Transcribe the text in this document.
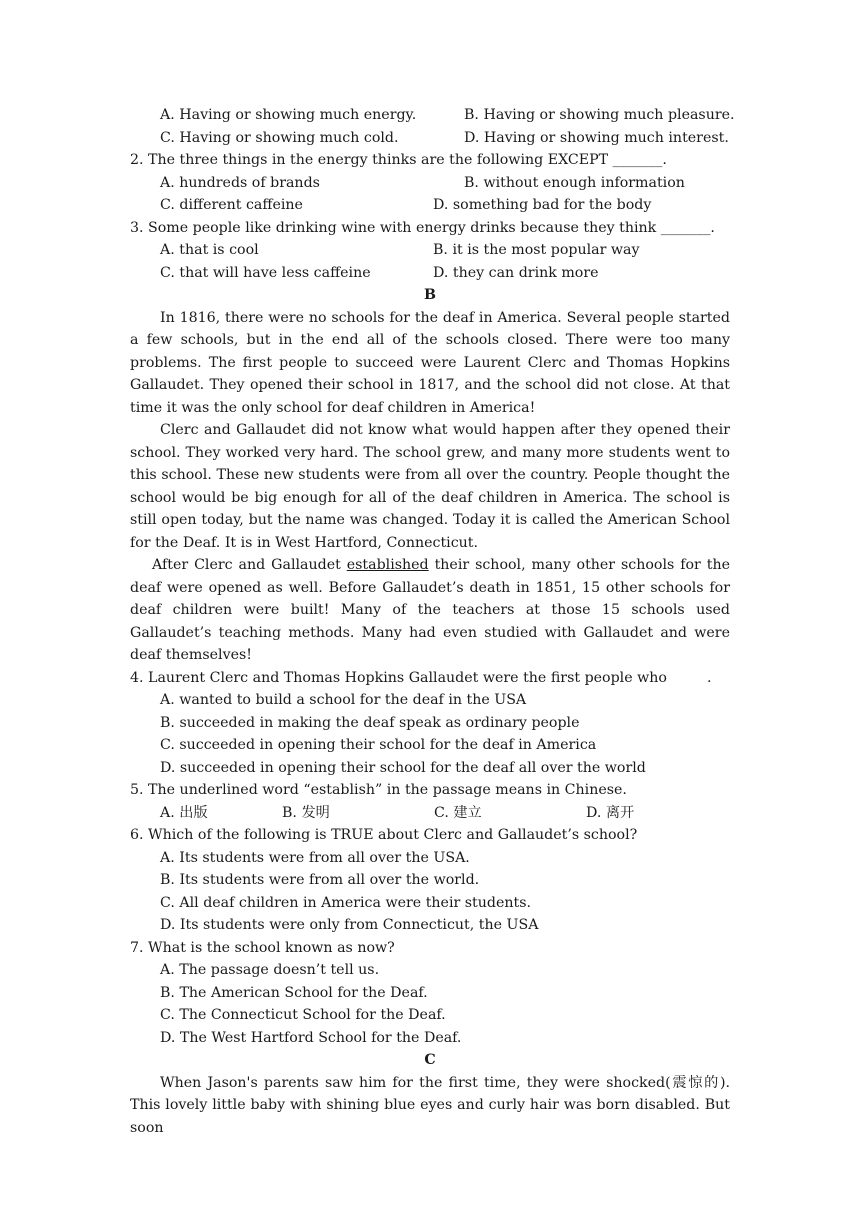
A. Having or showing much energy.	B. Having or showing much pleasure.
C. Having or showing much cold.	D. Having or showing much interest.
2. The three things in the energy thinks are the following EXCEPT _______.
A. hundreds of brands	B. without enough information
C. different caffeine	D. something bad for the body
3. Some people like drinking wine with energy drinks because they think _______.
A. that is cool	B. it is the most popular way
C. that will have less caffeine	D. they can drink more
B
In 1816, there were no schools for the deaf in America. Several people started a few schools, but in the end all of the schools closed. There were too many problems. The first people to succeed were Laurent Clerc and Thomas Hopkins Gallaudet. They opened their school in 1817, and the school did not close. At that time it was the only school for deaf children in America!
Clerc and Gallaudet did not know what would happen after they opened their school. They worked very hard. The school grew, and many more students went to this school. These new students were from all over the country. People thought the school would be big enough for all of the deaf children in America. The school is still open today, but the name was changed. Today it is called the American School for the Deaf. It is in West Hartford, Connecticut.
After Clerc and Gallaudet established their school, many other schools for the deaf were opened as well. Before Gallaudet’s death in 1851, 15 other schools for deaf children were built! Many of the teachers at those 15 schools used Gallaudet’s teaching methods. Many had even studied with Gallaudet and were deaf themselves!
4. Laurent Clerc and Thomas Hopkins Gallaudet were the first people who	.
A. wanted to build a school for the deaf in the USA
B. succeeded in making the deaf speak as ordinary people
C. succeeded in opening their school for the deaf in America
D. succeeded in opening their school for the deaf all over the world
5. The underlined word “establish” in the passage means in Chinese.
A. 出版	B. 发明	C. 建立	D. 离开
6. Which of the following is TRUE about Clerc and Gallaudet’s school?
A. Its students were from all over the USA.
B. Its students were from all over the world.
C. All deaf children in America were their students.
D. Its students were only from Connecticut, the USA
7. What is the school known as now?
A. The passage doesn’t tell us.
B. The American School for the Deaf.
C. The Connecticut School for the Deaf.
D. The West Hartford School for the Deaf.
C
When Jason's parents saw him for the first time, they were shocked(震惊的). This lovely little baby with shining blue eyes and curly hair was born disabled. But soon
